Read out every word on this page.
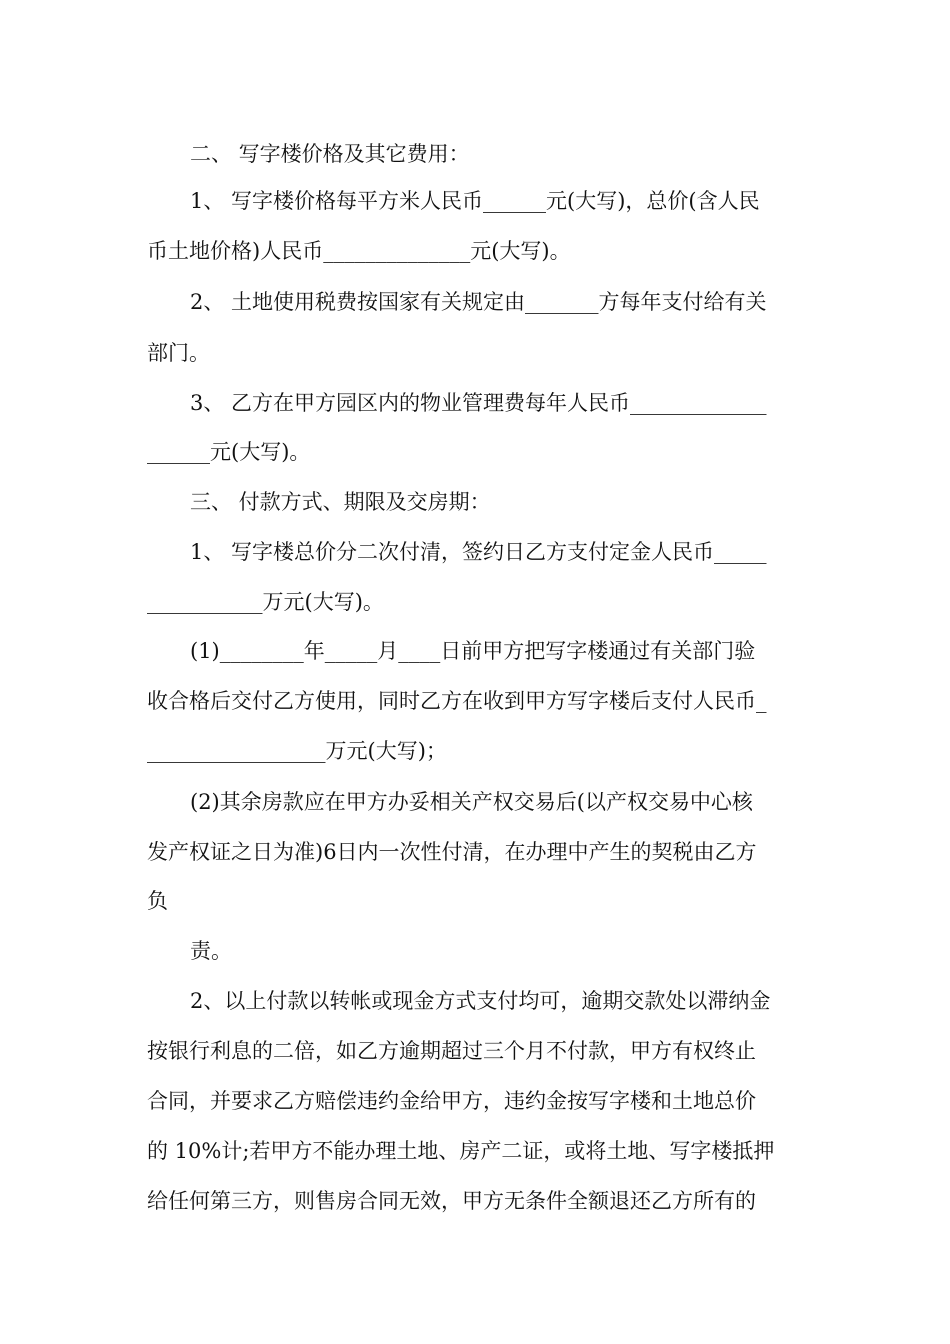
二、 写字楼价格及其它费用：

1、 写字楼价格每平方米人民币______元(大写)，总价(含人民

币土地价格)人民币______________元(大写)。

2、 土地使用税费按国家有关规定由_______方每年支付给有关

部门。

3、 乙方在甲方园区内的物业管理费每年人民币_____________

______元(大写)。

三、 付款方式、期限及交房期：

1、 写字楼总价分二次付清，签约日乙方支付定金人民币_____

___________万元(大写)。

(1)________年_____月____日前甲方把写字楼通过有关部门验

收合格后交付乙方使用，同时乙方在收到甲方写字楼后支付人民币_

_________________万元(大写)；

(2)其余房款应在甲方办妥相关产权交易后(以产权交易中心核

发产权证之日为准)6日内一次性付清，在办理中产生的契税由乙方

负

责。

2、以上付款以转帐或现金方式支付均可，逾期交款处以滞纳金

按银行利息的二倍，如乙方逾期超过三个月不付款，甲方有权终止

合同，并要求乙方赔偿违约金给甲方，违约金按写字楼和土地总价

的 10%计;若甲方不能办理土地、房产二证，或将土地、写字楼抵押

给任何第三方，则售房合同无效，甲方无条件全额退还乙方所有的
